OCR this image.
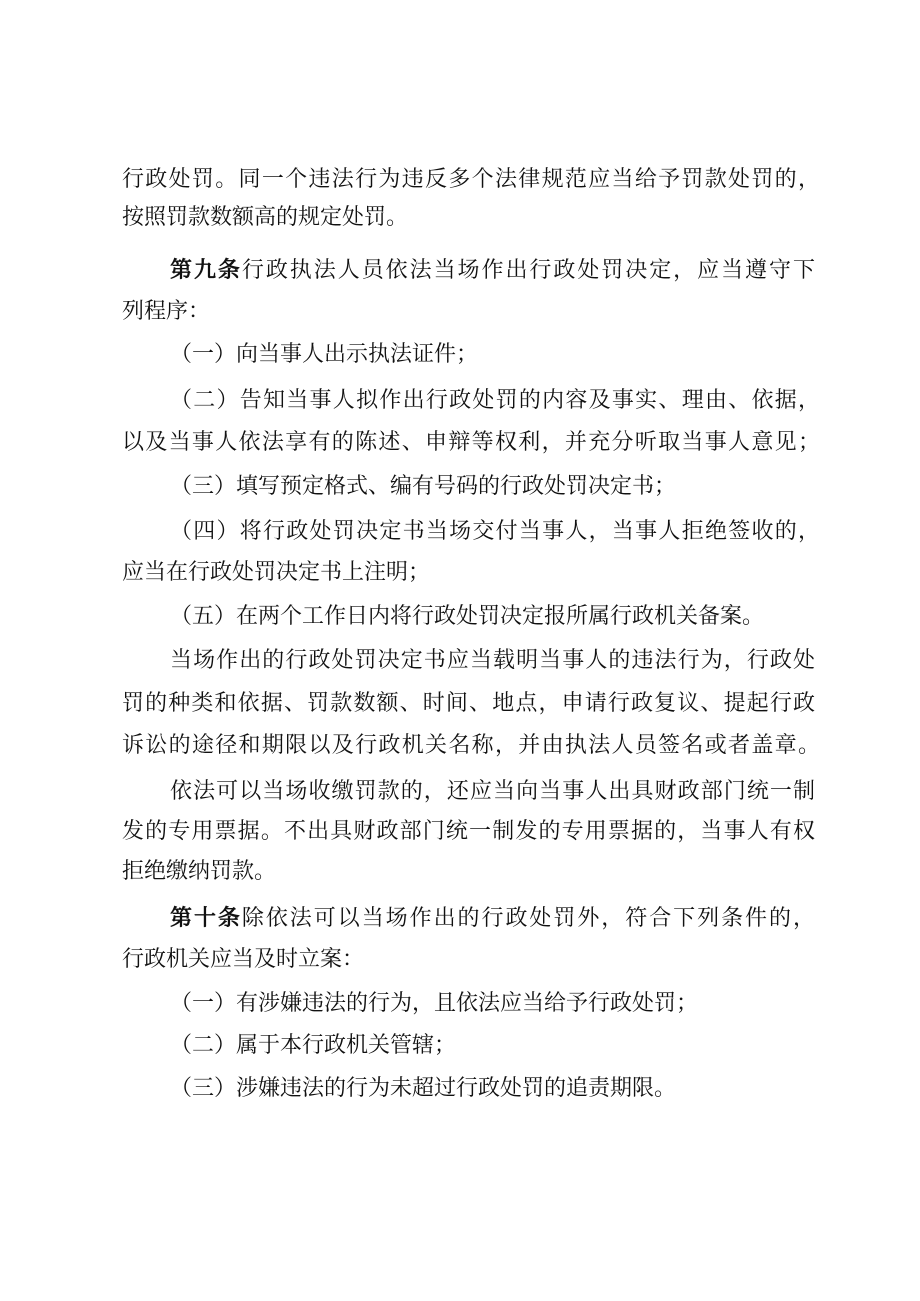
行政处罚。同一个违法行为违反多个法律规范应当给予罚款处罚的，
按照罚款数额高的规定处罚。
第九条行政执法人员依法当场作出行政处罚决定，应当遵守下
列程序：
（一）向当事人出示执法证件；
（二）告知当事人拟作出行政处罚的内容及事实、理由、依据，
以及当事人依法享有的陈述、申辩等权利，并充分听取当事人意见；
（三）填写预定格式、编有号码的行政处罚决定书；
（四）将行政处罚决定书当场交付当事人，当事人拒绝签收的，
应当在行政处罚决定书上注明；
（五）在两个工作日内将行政处罚决定报所属行政机关备案。
当场作出的行政处罚决定书应当载明当事人的违法行为，行政处
罚的种类和依据、罚款数额、时间、地点，申请行政复议、提起行政
诉讼的途径和期限以及行政机关名称，并由执法人员签名或者盖章。
依法可以当场收缴罚款的，还应当向当事人出具财政部门统一制
发的专用票据。不出具财政部门统一制发的专用票据的，当事人有权
拒绝缴纳罚款。
第十条除依法可以当场作出的行政处罚外，符合下列条件的，
行政机关应当及时立案：
（一）有涉嫌违法的行为，且依法应当给予行政处罚；
（二）属于本行政机关管辖；
（三）涉嫌违法的行为未超过行政处罚的追责期限。
